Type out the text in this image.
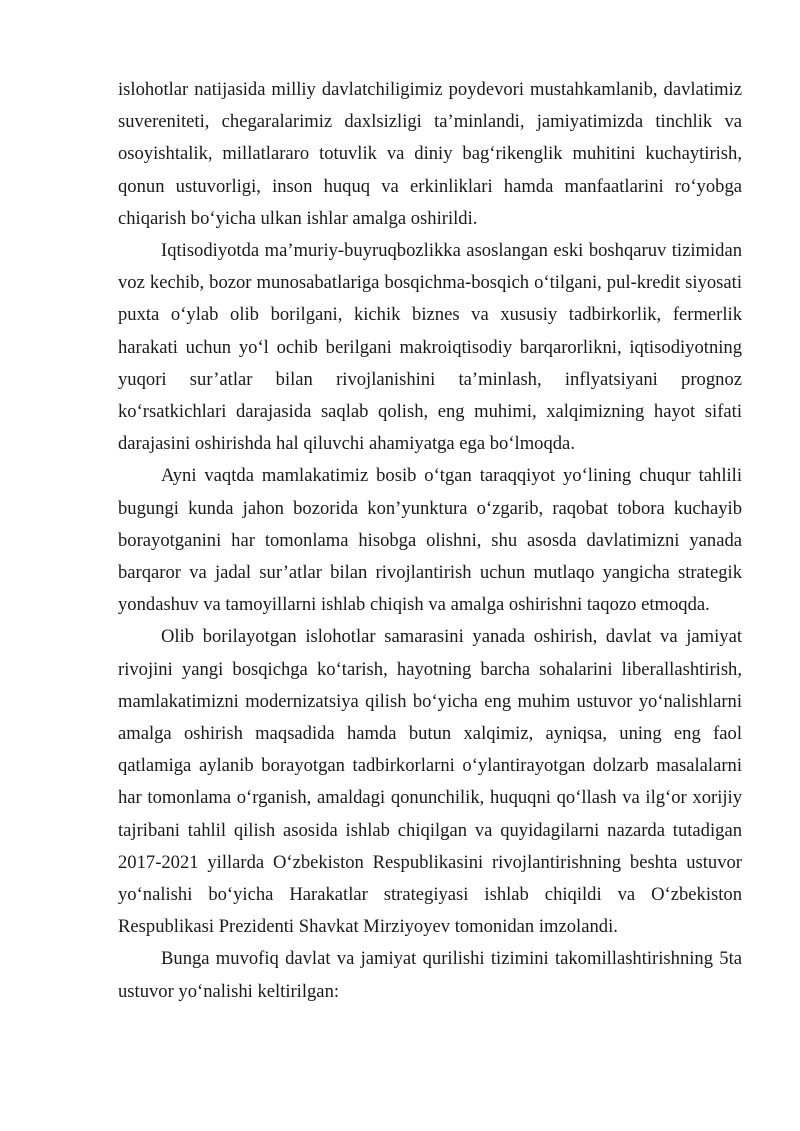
islohotlar natijasida milliy davlatchiligimiz poydevori mustahkamlanib, davlatimiz suvereniteti, chegaralarimiz daxlsizligi ta’minlandi, jamiyatimizda tinchlik va osoyishtalik, millatlararo totuvlik va diniy bag‘rikenglik muhitini kuchaytirish, qonun ustuvorligi, inson huquq va erkinliklari hamda manfaatlarini ro‘yobga chiqarish bo‘yicha ulkan ishlar amalga oshirildi.

Iqtisodiyotda ma’muriy-buyruqbozlikka asoslangan eski boshqaruv tizimidan voz kechib, bozor munosabatlariga bosqichma-bosqich o‘tilgani, pul-kredit siyosati puxta o‘ylab olib borilgani, kichik biznes va xususiy tadbirkorlik, fermerlik harakati uchun yo‘l ochib berilgani makroiqtisodiy barqarorlikni, iqtisodiyotning yuqori sur’atlar bilan rivojlanishini ta’minlash, inflyatsiyani prognoz ko‘rsatkichlari darajasida saqlab qolish, eng muhimi, xalqimizning hayot sifati darajasini oshirishda hal qiluvchi ahamiyatga ega bo‘lmoqda.

Ayni vaqtda mamlakatimiz bosib o‘tgan taraqqiyot yo‘lining chuqur tahlili bugungi kunda jahon bozorida kon’yunktura o‘zgarib, raqobat tobora kuchayib borayotganini har tomonlama hisobga olishni, shu asosda davlatimizni yanada barqaror va jadal sur’atlar bilan rivojlantirish uchun mutlaqo yangicha strategik yondashuv va tamoyillarni ishlab chiqish va amalga oshirishni taqozo etmoqda.

Olib borilayotgan islohotlar samarasini yanada oshirish, davlat va jamiyat rivojini yangi bosqichga ko‘tarish, hayotning barcha sohalarini liberallashtirish, mamlakatimizni modernizatsiya qilish bo‘yicha eng muhim ustuvor yo‘nalishlarni amalga oshirish maqsadida hamda butun xalqimiz, ayniqsa, uning eng faol qatlamiga aylanib borayotgan tadbirkorlarni o‘ylantirayotgan dolzarb masalalarni har tomonlama o‘rganish, amaldagi qonunchilik, huquqni qo‘llash va ilg‘or xorijiy tajribani tahlil qilish asosida ishlab chiqilgan va quyidagilarni nazarda tutadigan 2017-2021 yillarda O‘zbekiston Respublikasini rivojlantirishning beshta ustuvor yo‘nalishi bo‘yicha Harakatlar strategiyasi ishlab chiqildi va O‘zbekiston Respublikasi Prezidenti Shavkat Mirziyoyev tomonidan imzolandi.

Bunga muvofiq davlat va jamiyat qurilishi tizimini takomillashtirishning 5ta ustuvor yo‘nalishi keltirilgan:
